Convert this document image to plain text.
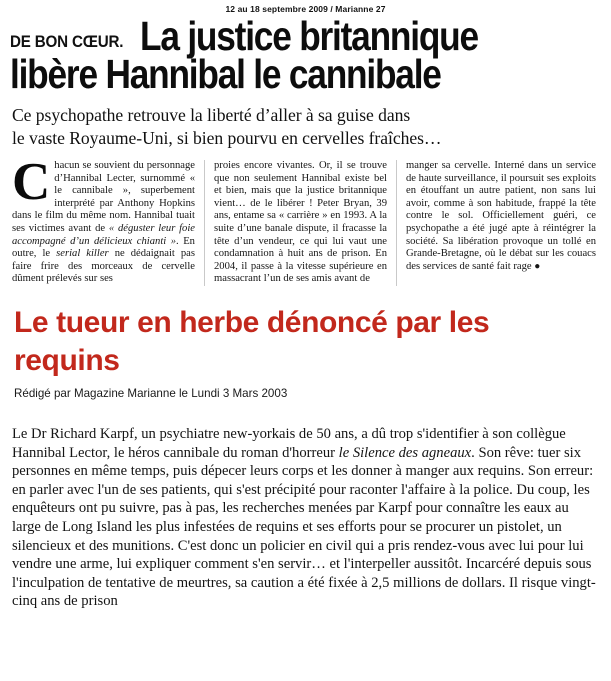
12 au 18 septembre 2009 / Marianne 27
DE BON CŒUR. La justice britannique
libère Hannibal le cannibale
Ce psychopathe retrouve la liberté d’aller à sa guise dans
le vaste Royaume-Uni, si bien pourvu en cervelles fraîches…
Chacun se souvient du personnage d’Hannibal Lecter, surnommé « le cannibale », superbement interprété par Anthony Hopkins dans le film du même nom. Hannibal tuait ses victimes avant de « déguster leur foie accompagné d’un délicieux chianti ». En outre, le serial killer ne dédaignait pas faire frire des morceaux de cervelle dûment prélevés sur ses
proies encore vivantes. Or, il se trouve que non seulement Hannibal existe bel et bien, mais que la justice britannique vient… de le libérer ! Peter Bryan, 39 ans, entame sa « carrière » en 1993. A la suite d’une banale dispute, il fracasse la tête d’un vendeur, ce qui lui vaut une condamnation à huit ans de prison. En 2004, il passe à la vitesse supérieure en massacrant l’un de ses amis avant de
manger sa cervelle. Interné dans un service de haute surveillance, il poursuit ses exploits en étouffant un autre patient, non sans lui avoir, comme à son habitude, frappé la tête contre le sol. Officiellement guéri, ce psychopathe a été jugé apte à réintégrer la société. Sa libération provoque un tollé en Grande-Bretagne, où le débat sur les couacs des services de santé fait rage ●
Le tueur en herbe dénoncé par les requins
Rédigé par Magazine Marianne le Lundi 3 Mars 2003
Le Dr Richard Karpf, un psychiatre new-yorkais de 50 ans, a dû trop s'identifier à son collègue Hannibal Lector, le héros cannibale du roman d'horreur le Silence des agneaux. Son rêve: tuer six personnes en même temps, puis dépecer leurs corps et les donner à manger aux requins. Son erreur: en parler avec l'un de ses patients, qui s'est précipité pour raconter l'affaire à la police. Du coup, les enquêteurs ont pu suivre, pas à pas, les recherches menées par Karpf pour connaître les eaux au large de Long Island les plus infestées de requins et ses efforts pour se procurer un pistolet, un silencieux et des munitions. C'est donc un policier en civil qui a pris rendez-vous avec lui pour lui vendre une arme, lui expliquer comment s'en servir… et l'interpeller aussitôt. Incarcéré depuis sous l'inculpation de tentative de meurtres, sa caution a été fixée à 2,5 millions de dollars. Il risque vingt-cinq ans de prison
